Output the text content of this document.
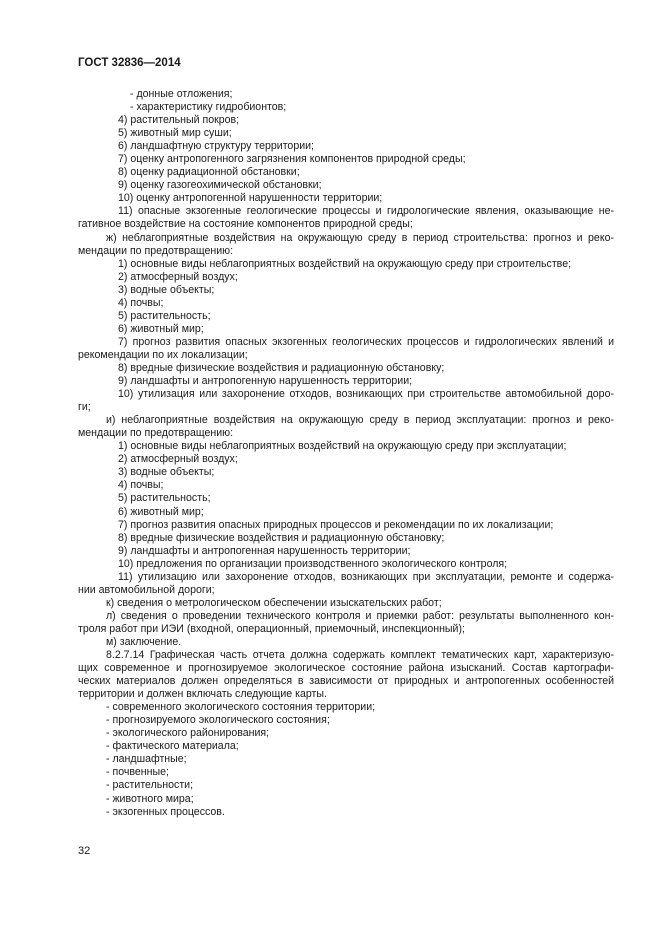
ГОСТ 32836—2014
- донные отложения;
- характеристику гидробионтов;
4) растительный покров;
5) животный мир суши;
6) ландшафтную структуру территории;
7) оценку антропогенного загрязнения компонентов природной среды;
8) оценку радиационной обстановки;
9) оценку газогеохимической обстановки;
10) оценку антропогенной нарушенности территории;
11) опасные экзогенные геологические процессы и гидрологические явления, оказывающие не-
гативное воздействие на состояние компонентов природной среды;
ж) неблагоприятные воздействия на окружающую среду в период строительства: прогноз и реко-
мендации по предотвращению:
1) основные виды неблагоприятных воздействий на окружающую среду при строительстве;
2) атмосферный воздух;
3) водные объекты;
4) почвы;
5) растительность;
6) животный мир;
7) прогноз развития опасных экзогенных геологических процессов и гидрологических явлений и
рекомендации по их локализации;
8) вредные физические воздействия и радиационную обстановку;
9) ландшафты и антропогенную нарушенность территории;
10) утилизация или захоронение отходов, возникающих при строительстве автомобильной доро-
ги;
и) неблагоприятные воздействия на окружающую среду в период эксплуатации: прогноз и реко-
мендации по предотвращению:
1) основные виды неблагоприятных воздействий на окружающую среду при эксплуатации;
2) атмосферный воздух;
3) водные объекты;
4) почвы;
5) растительность;
6) животный мир;
7) прогноз развития опасных природных процессов и рекомендации по их локализации;
8) вредные физические воздействия и радиационную обстановку;
9) ландшафты и антропогенная нарушенность территории;
10) предложения по организации производственного экологического контроля;
11) утилизацию или захоронение отходов, возникающих при эксплуатации, ремонте и содержа-
нии автомобильной дороги;
к) сведения о метрологическом обеспечении изыскательских работ;
л) сведения о проведении технического контроля и приемки работ: результаты выполненного кон-
троля работ при ИЭИ (входной, операционный, приемочный, инспекционный);
м) заключение.
8.2.7.14 Графическая часть отчета должна содержать комплект тематических карт, характеризую-
щих современное и прогнозируемое экологическое состояние района изысканий. Состав картографи-
ческих материалов должен определяться в зависимости от природных и антропогенных особенностей
территории и должен включать следующие карты.
- современного экологического состояния территории;
- прогнозируемого экологического состояния;
- экологического районирования;
- фактического материала;
- ландшафтные;
- почвенные;
- растительности;
- животного мира;
- экзогенных процессов.
32
